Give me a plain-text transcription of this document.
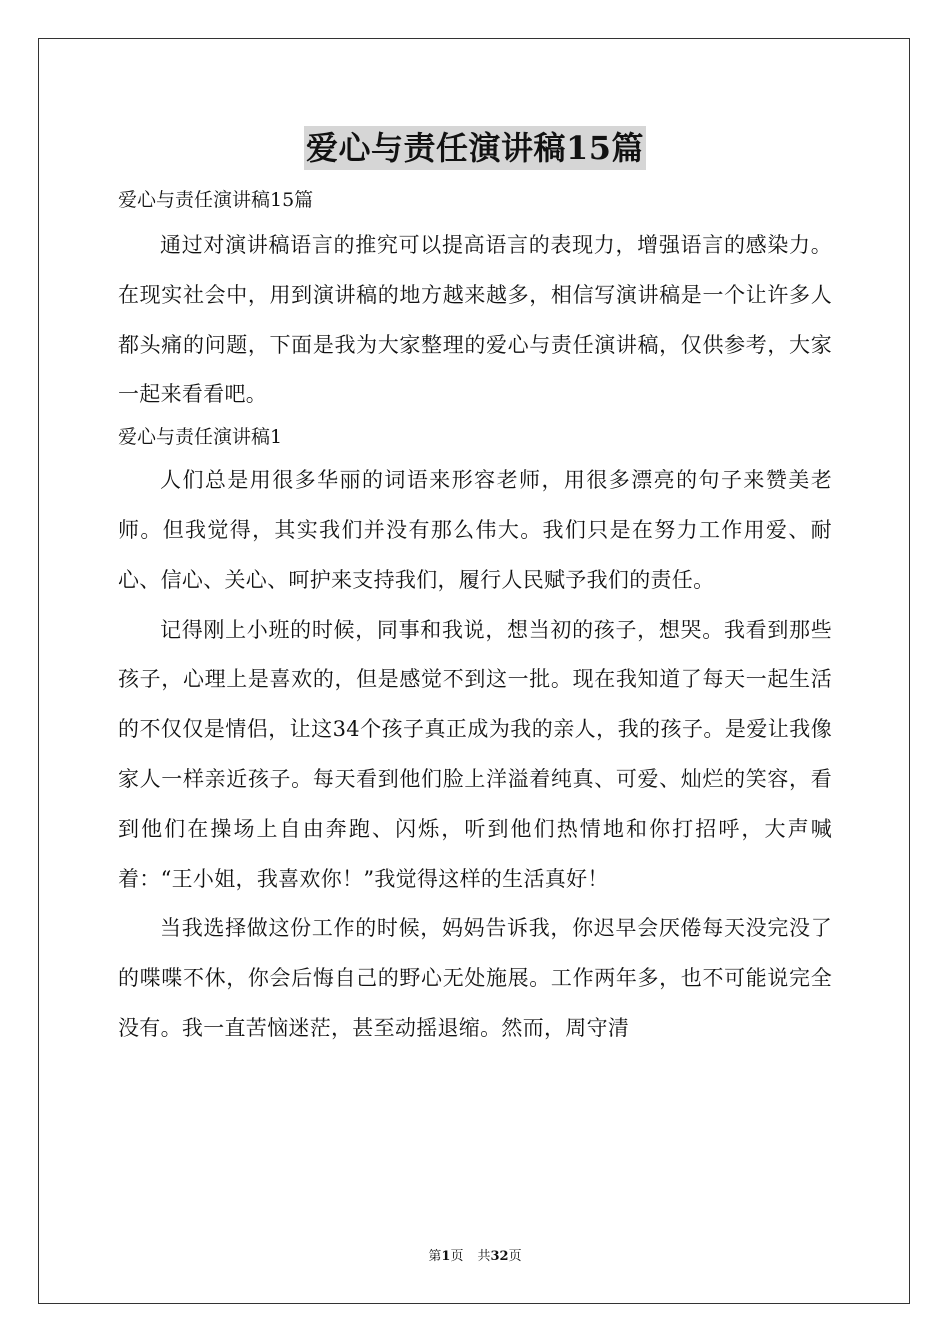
爱心与责任演讲稿15篇
爱心与责任演讲稿15篇

通过对演讲稿语言的推究可以提高语言的表现力，增强语言的感染力。在现实社会中，用到演讲稿的地方越来越多，相信写演讲稿是一个让许多人都头痛的问题，下面是我为大家整理的爱心与责任演讲稿，仅供参考，大家一起来看看吧。

爱心与责任演讲稿1

人们总是用很多华丽的词语来形容老师，用很多漂亮的句子来赞美老师。但我觉得，其实我们并没有那么伟大。我们只是在努力工作用爱、耐心、信心、关心、呵护来支持我们，履行人民赋予我们的责任。

记得刚上小班的时候，同事和我说，想当初的孩子，想哭。我看到那些孩子，心理上是喜欢的，但是感觉不到这一批。现在我知道了每天一起生活的不仅仅是情侣，让这34个孩子真正成为我的亲人，我的孩子。是爱让我像家人一样亲近孩子。每天看到他们脸上洋溢着纯真、可爱、灿烂的笑容，看到他们在操场上自由奔跑、闪烁，听到他们热情地和你打招呼，大声喊着：“王小姐，我喜欢你！”我觉得这样的生活真好！

当我选择做这份工作的时候，妈妈告诉我，你迟早会厌倦每天没完没了的喋喋不休，你会后悔自己的野心无处施展。工作两年多，也不可能说完全没有。我一直苦恼迷茫，甚至动摇退缩。然而，周守清

第1页 共32页
